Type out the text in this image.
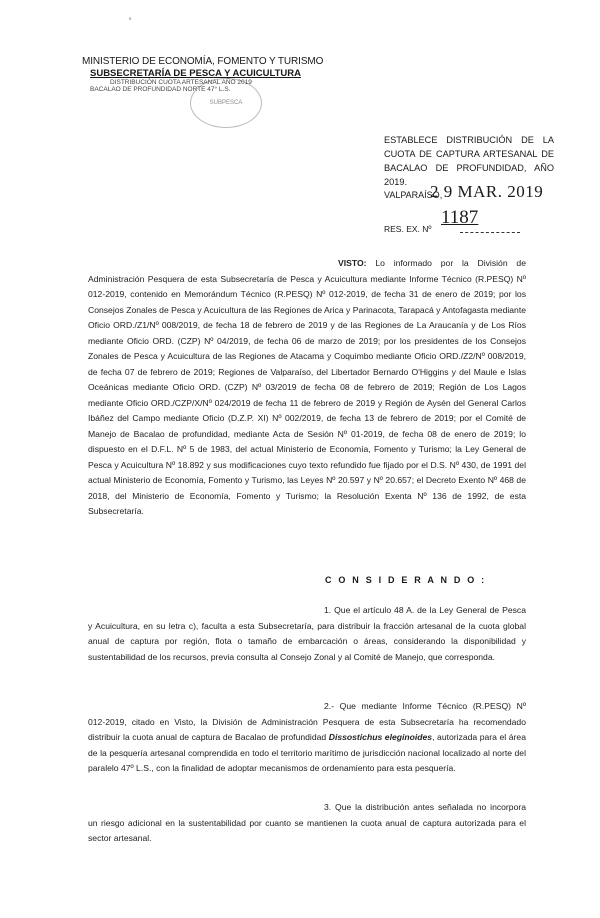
'
MINISTERIO DE ECONOMÍA, FOMENTO Y TURISMO
SUBSECRETARÍA DE PESCA Y ACUICULTURA
DISTRIBUCIÓN CUOTA ARTESANAL AÑO 2019
BACALAO DE PROFUNDIDAD NORTE 47° L.S.
SUBPESCA
ESTABLECE DISTRIBUCIÓN DE LA CUOTA DE CAPTURA ARTESANAL DE BACALAO DE PROFUNDIDAD, AÑO 2019.
VALPARAÍSO,
2 9 MAR. 2019
RES. EX. Nº
1187
VISTO: Lo informado por la División de Administración Pesquera de esta Subsecretaría de Pesca y Acuicultura mediante Informe Técnico (R.PESQ) Nº 012-2019, contenido en Memorándum Técnico (R.PESQ) Nº 012-2019, de fecha 31 de enero de 2019; por los Consejos Zonales de Pesca y Acuicultura de las Regiones de Arica y Parinacota, Tarapacá y Antofagasta mediante Oficio ORD./Z1/Nº 008/2019, de fecha 18 de febrero de 2019 y de las Regiones de La Araucanía y de Los Ríos mediante Oficio ORD. (CZP) Nº 04/2019, de fecha 06 de marzo de 2019; por los presidentes de los Consejos Zonales de Pesca y Acuicultura de las Regiones de Atacama y Coquimbo mediante Oficio ORD./Z2/Nº 008/2019, de fecha 07 de febrero de 2019; Regiones de Valparaíso, del Libertador Bernardo O'Higgins y del Maule e Islas Oceánicas mediante Oficio ORD. (CZP) Nº 03/2019 de fecha 08 de febrero de 2019; Región de Los Lagos mediante Oficio ORD./CZP/X/Nº 024/2019 de fecha 11 de febrero de 2019 y Región de Aysén del General Carlos Ibáñez del Campo mediante Oficio (D.Z.P. XI) Nº 002/2019, de fecha 13 de febrero de 2019; por el Comité de Manejo de Bacalao de profundidad, mediante Acta de Sesión Nº 01-2019, de fecha 08 de enero de 2019; lo dispuesto en el D.F.L. Nº 5 de 1983, del actual Ministerio de Economía, Fomento y Turismo; la Ley General de Pesca y Acuicultura Nº 18.892 y sus modificaciones cuyo texto refundido fue fijado por el D.S. Nº 430, de 1991 del actual Ministerio de Economía, Fomento y Turismo, las Leyes Nº 20.597 y Nº 20.657; el Decreto Exento Nº 468 de 2018, del Ministerio de Economía, Fomento y Turismo; la Resolución Exenta Nº 136 de 1992, de esta Subsecretaría.
C O N S I D E R A N D O :
1. Que el artículo 48 A. de la Ley General de Pesca y Acuicultura, en su letra c), faculta a esta Subsecretaría, para distribuir la fracción artesanal de la cuota global anual de captura por región, flota o tamaño de embarcación o áreas, considerando la disponibilidad y sustentabilidad de los recursos, previa consulta al Consejo Zonal y al Comité de Manejo, que corresponda.
2.- Que mediante Informe Técnico (R.PESQ) Nº 012-2019, citado en Visto, la División de Administración Pesquera de esta Subsecretaría ha recomendado distribuir la cuota anual de captura de Bacalao de profundidad Dissostichus eleginoides, autorizada para el área de la pesquería artesanal comprendida en todo el territorio marítimo de jurisdicción nacional localizado al norte del paralelo 47º L.S., con la finalidad de adoptar mecanismos de ordenamiento para esta pesquería.
3. Que la distribución antes señalada no incorpora un riesgo adicional en la sustentabilidad por cuanto se mantienen la cuota anual de captura autorizada para el sector artesanal.
